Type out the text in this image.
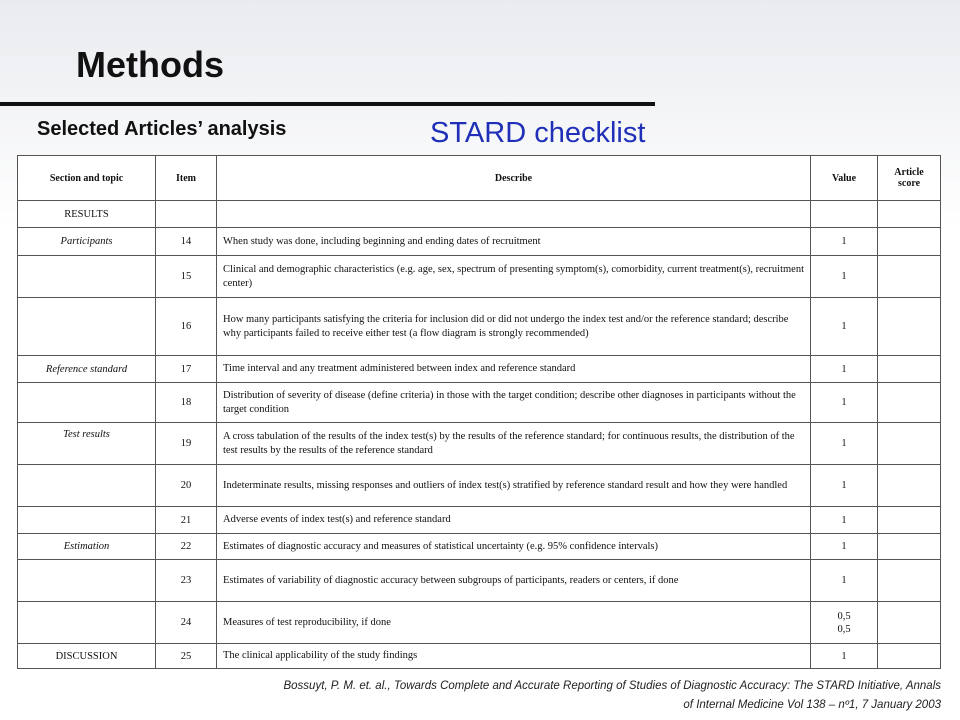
Methods
Selected Articles’ analysis	STARD checklist
Section and topic	Item	Describe	Value	Article score
RESULTS				
Participants	14	When study was done, including beginning and ending dates of recruitment	1	
	15	Clinical and demographic characteristics (e.g. age, sex, spectrum of presenting symptom(s), comorbidity, current treatment(s), recruitment center)	1	
	16	How many participants satisfying the criteria for inclusion did or did not undergo the index test and/or the reference standard; describe why participants failed to receive either test (a flow diagram is strongly recommended)	1	
Reference standard	17	Time interval and any treatment administered between index and reference standard	1	
	18	Distribution of severity of disease (define criteria) in those with the target condition; describe other diagnoses in participants without the target condition	1	
Test results	19	A cross tabulation of the results of the index test(s) by the results of the reference standard; for continuous results, the distribution of the test results by the results of the reference standard	1	
	20	Indeterminate results, missing responses and outliers of index test(s) stratified by reference standard result and how they were handled	1	
	21	Adverse events of index test(s) and reference standard	1	
Estimation	22	Estimates of diagnostic accuracy and measures of statistical uncertainty (e.g. 95% confidence intervals)	1	
	23	Estimates of variability of diagnostic accuracy between subgroups of participants, readers or centers, if done	1	
	24	Measures of test reproducibility, if done	0,5
0,5	

DISCUSSION	25	The clinical applicability of the study findings	1	
Bossuyt, P. M. et. al., Towards Complete and Accurate Reporting of Studies of Diagnostic Accuracy: The STARD Initiative, Annals
of Internal Medicine Vol 138 – nº1, 7 January 2003
